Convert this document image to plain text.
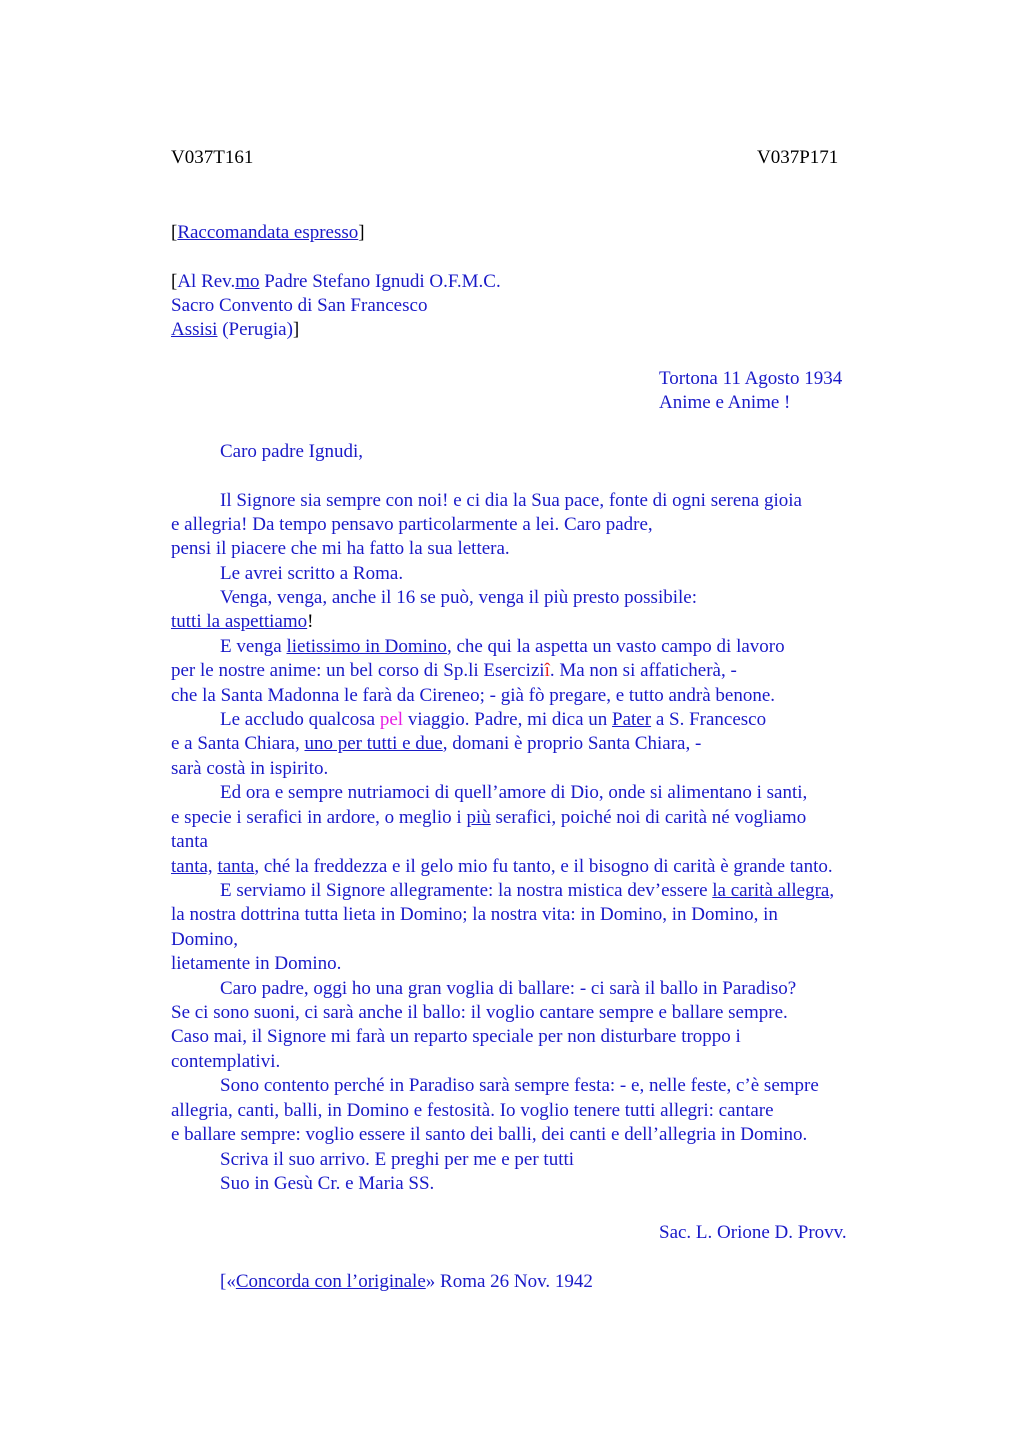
V037T161	V037P171
[Raccomandata espresso]
[Al Rev.mo Padre Stefano Ignudi O.F.M.C.
Sacro Convento di San Francesco
Assisi (Perugia)]
Tortona 11 Agosto 1934
Anime e Anime !
Caro padre Ignudi,
Il Signore sia sempre con noi! e ci dia la Sua pace, fonte di ogni serena gioia
e allegria! Da tempo pensavo particolarmente a lei. Caro padre,
pensi il piacere che mi ha fatto la sua lettera.
Le avrei scritto a Roma.
Venga, venga, anche il 16 se può, venga il più presto possibile:
tutti la aspettiamo!
E venga lietissimo in Domino, che qui la aspetta un vasto campo di lavoro
per le nostre anime: un bel corso di Sp.li Eserciziî. Ma non si affaticherà, -
che la Santa Madonna le farà da Cireneo; - già fò pregare, e tutto andrà benone.
Le accludo qualcosa pel viaggio. Padre, mi dica un Pater a S. Francesco
e a Santa Chiara, uno per tutti e due, domani è proprio Santa Chiara, -
sarà costà in ispirito.
Ed ora e sempre nutriamoci di quell’amore di Dio, onde si alimentano i santi,
e specie i serafici in ardore, o meglio i più serafici, poiché noi di carità né vogliamo
tanta
tanta, tanta, ché la freddezza e il gelo mio fu tanto, e il bisogno di carità è grande tanto.
E serviamo il Signore allegramente: la nostra mistica dev’essere la carità allegra,
la nostra dottrina tutta lieta in Domino; la nostra vita: in Domino, in Domino, in
Domino,
lietamente in Domino.
Caro padre, oggi ho una gran voglia di ballare: - ci sarà il ballo in Paradiso?
Se ci sono suoni, ci sarà anche il ballo: il voglio cantare sempre e ballare sempre.
Caso mai, il Signore mi farà un reparto speciale per non disturbare troppo i
contemplativi.
Sono contento perché in Paradiso sarà sempre festa: - e, nelle feste, c’è sempre
allegria, canti, balli, in Domino e festosità. Io voglio tenere tutti allegri: cantare
e ballare sempre: voglio essere il santo dei balli, dei canti e dell’allegria in Domino.
Scriva il suo arrivo. E preghi per me e per tutti
Suo in Gesù Cr. e Maria SS.
Sac. L. Orione D. Provv.
[«Concorda con l’originale» Roma 26 Nov. 1942
